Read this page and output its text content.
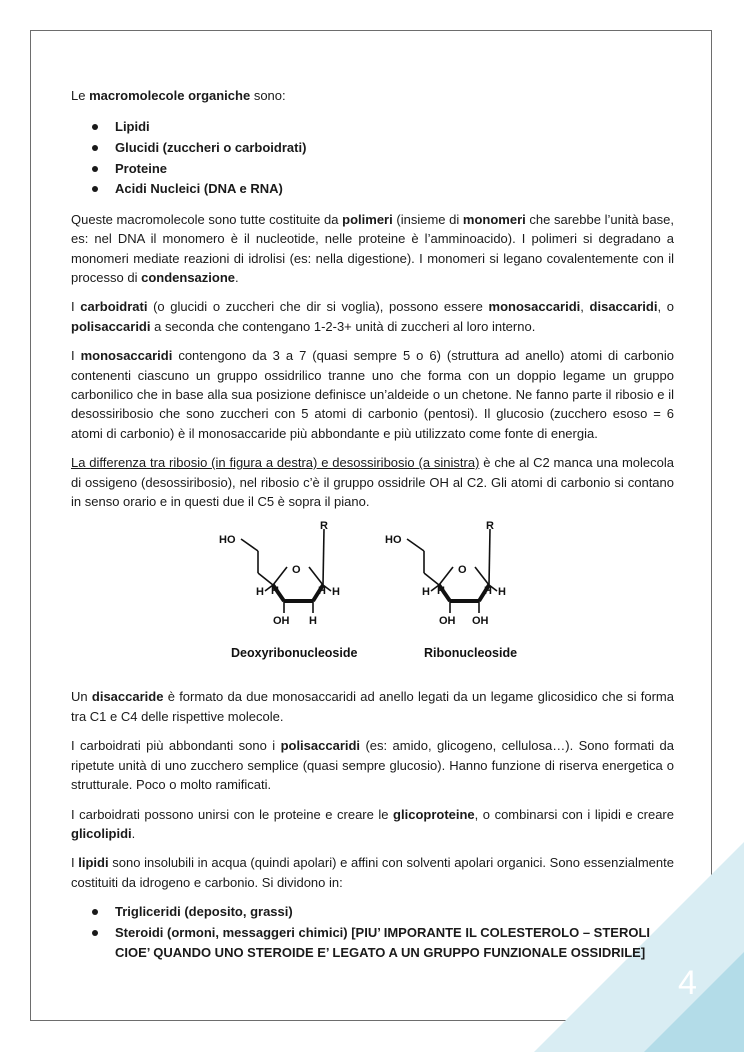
4

Le macromolecole organiche sono:

Lipidi
Glucidi (zuccheri o carboidrati)
Proteine
Acidi Nucleici (DNA e RNA)

Queste macromolecole sono tutte costituite da polimeri (insieme di monomeri che sarebbe l’unità base, es: nel DNA il monomero è il nucleotide, nelle proteine è l’amminoacido). I polimeri si degradano a monomeri mediate reazioni di idrolisi (es: nella digestione). I monomeri si legano covalentemente con il processo di condensazione.

I carboidrati (o glucidi o zuccheri che dir si voglia), possono essere monosaccaridi, disaccaridi, o polisaccaridi a seconda che contengano 1-2-3+ unità di zuccheri al loro interno.

I monosaccaridi contengono da 3 a 7 (quasi sempre 5 o 6) (struttura ad anello) atomi di carbonio contenenti ciascuno un gruppo ossidrilico tranne uno che forma con un doppio legame un gruppo carbonilico che in base alla sua posizione definisce un’aldeide o un chetone. Ne fanno parte il ribosio e il desossiribosio che sono zuccheri con 5 atomi di carbonio (pentosi). Il glucosio (zucchero esoso = 6 atomi di carbonio) è il monosaccaride più abbondante e più utilizzato come fonte di energia.

La differenza tra ribosio (in figura a destra) e desossiribosio (a sinistra) è che al C2 manca una molecola di ossigeno (desossiribosio), nel ribosio c’è il gruppo ossidrile OH al C2. Gli atomi di carbonio si contano in senso orario e in questi due il C5 è sopra il piano.

HO
O
R
H	H
H	H
OH H
HO
O
R
H	H
H	H
OH OH
Deoxyribonucleoside	Ribonucleoside

Un disaccaride è formato da due monosaccaridi ad anello legati da un legame glicosidico che si forma tra C1 e C4 delle rispettive molecole.

I carboidrati più abbondanti sono i polisaccaridi (es: amido, glicogeno, cellulosa…). Sono formati da ripetute unità di uno zucchero semplice (quasi sempre glucosio). Hanno funzione di riserva energetica o strutturale. Poco o molto ramificati.

I carboidrati possono unirsi con le proteine e creare le glicoproteine, o combinarsi con i lipidi e creare glicolipidi.

I lipidi sono insolubili in acqua (quindi apolari) e affini con solventi apolari organici. Sono essenzialmente costituiti da idrogeno e carbonio. Si dividono in:

Trigliceridi (deposito, grassi)
Steroidi (ormoni, messaggeri chimici) [PIU’ IMPORANTE IL COLESTEROLO – STEROLI CIOE’ QUANDO UNO STEROIDE E’ LEGATO A UN GRUPPO FUNZIONALE OSSIDRILE]
